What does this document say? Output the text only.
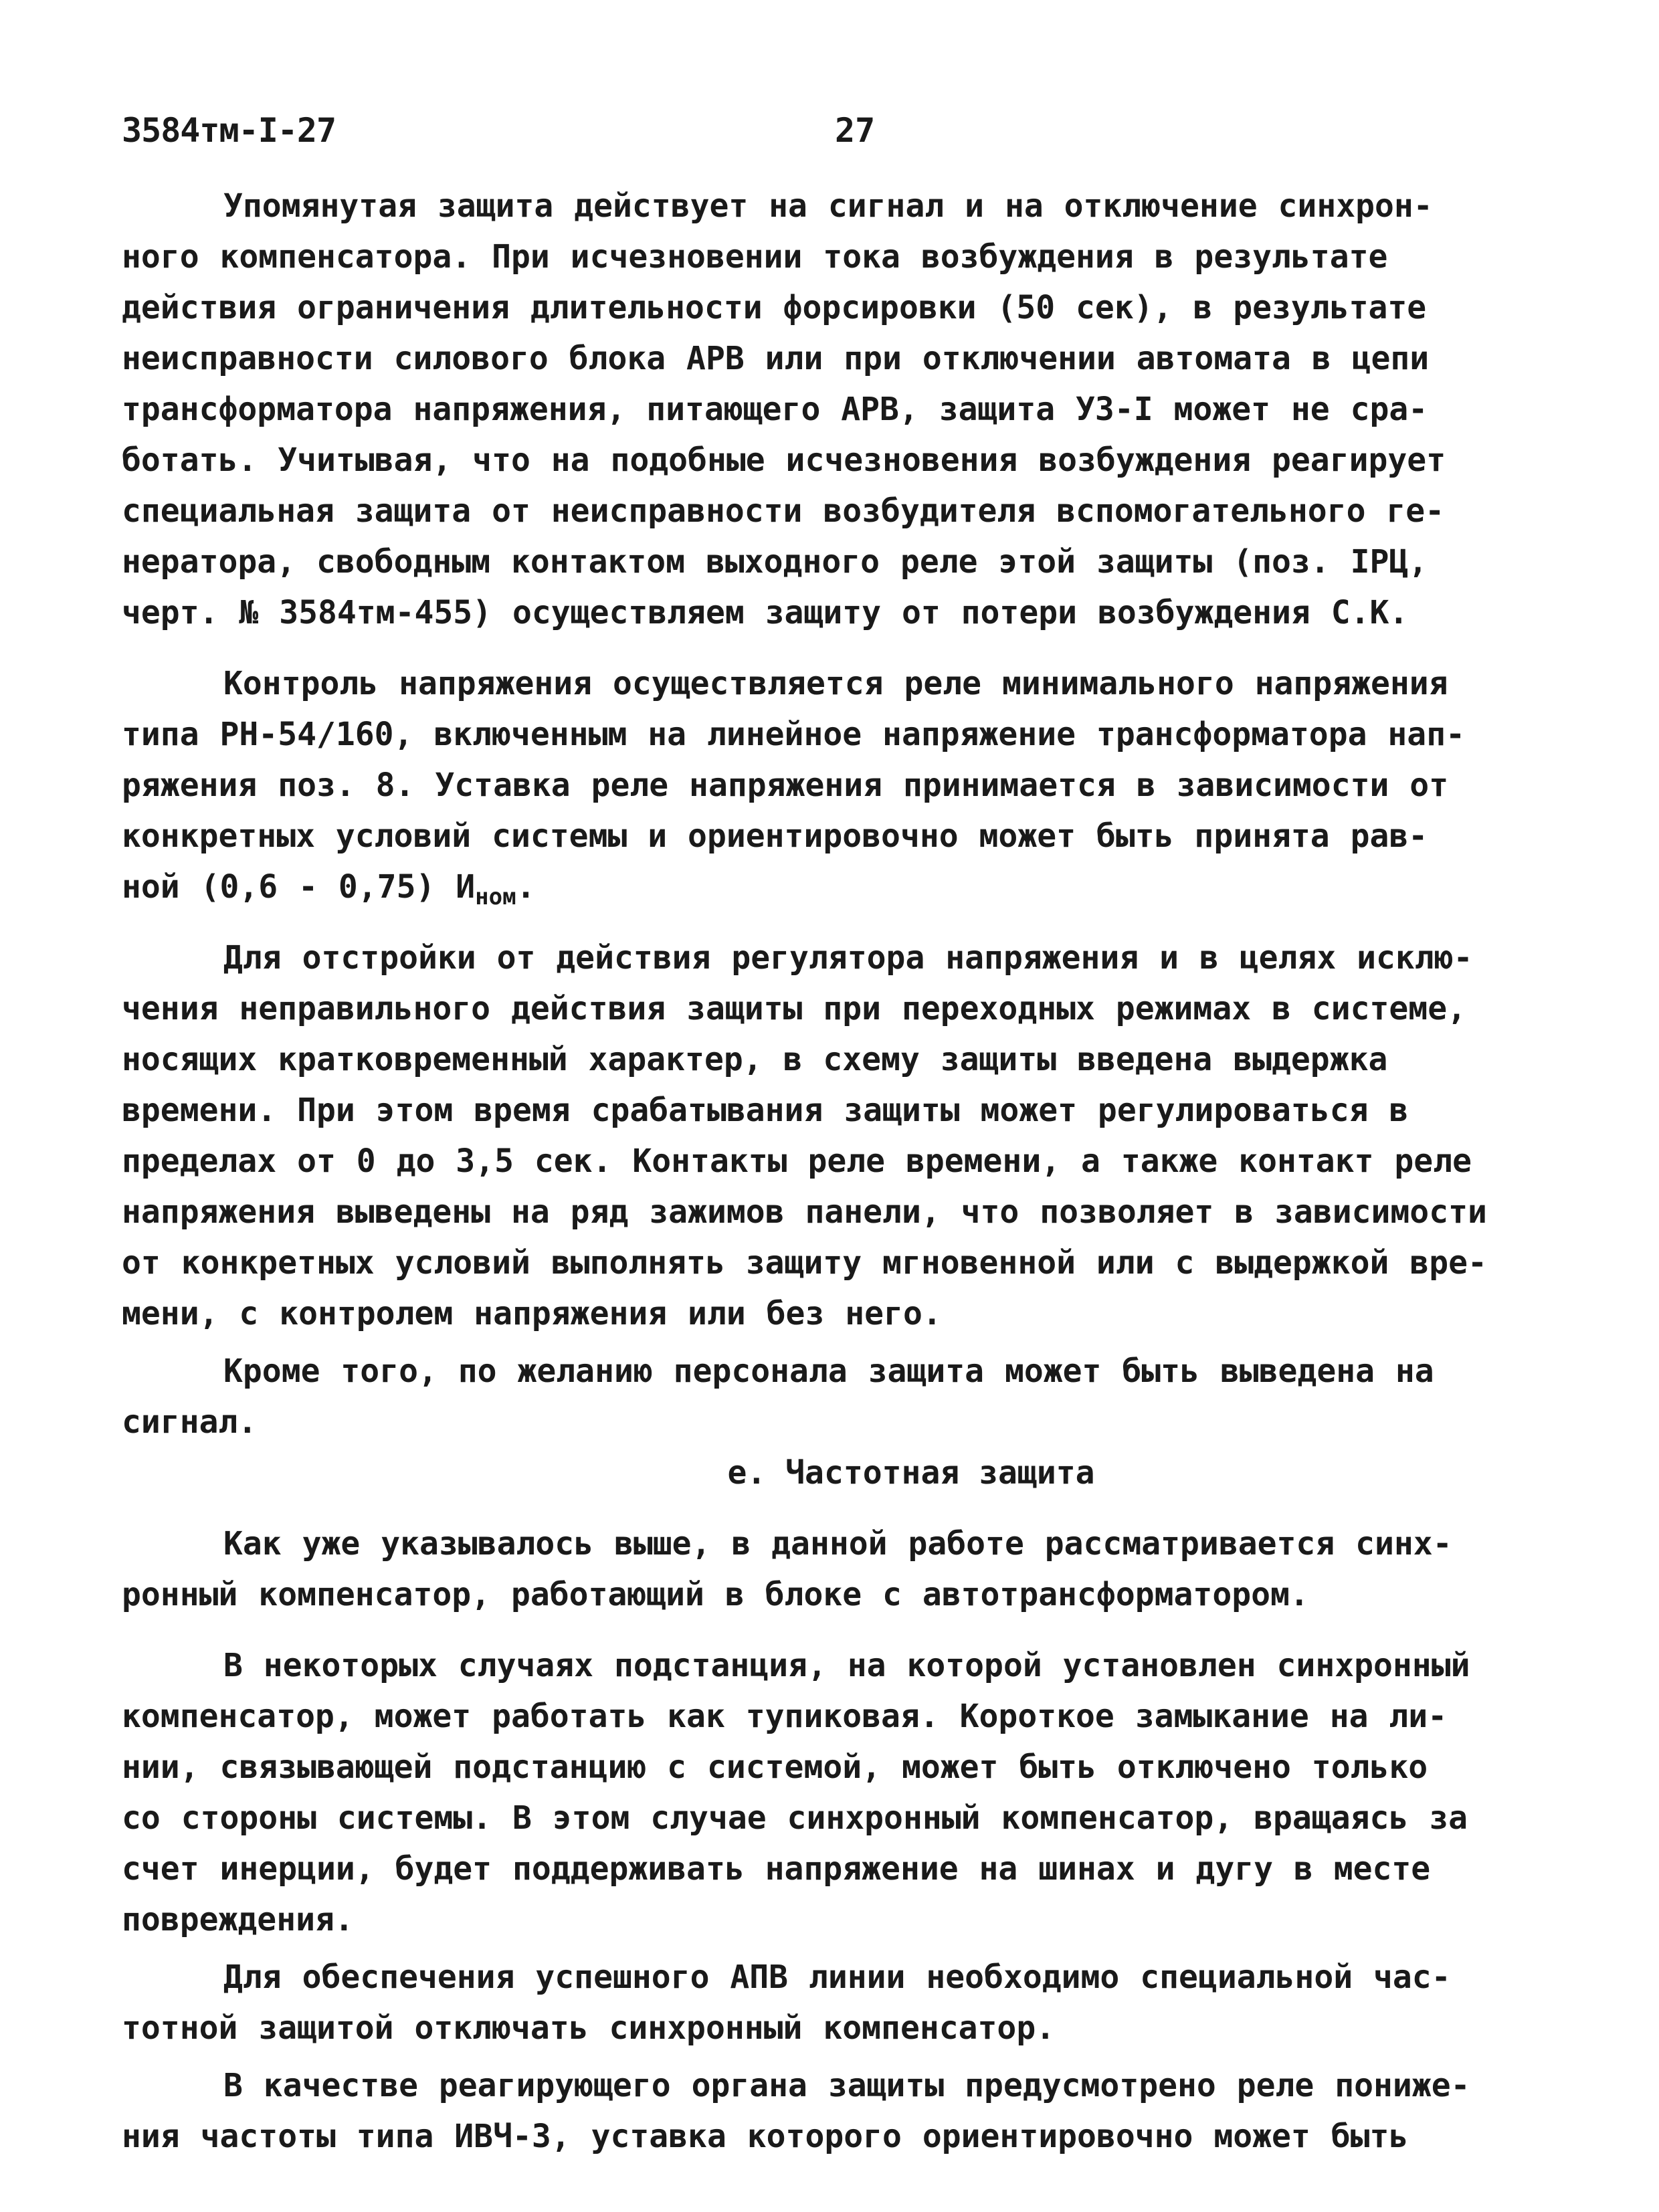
3584тм-I-27	27

Упомянутая защита действует на сигнал и на отключение синхрон-
ного компенсатора. При исчезновении тока возбуждения в результате
действия ограничения длительности форсировки (50 сек), в результате
неисправности силового блока АРВ или при отключении автомата в цепи
трансформатора напряжения, питающего АРВ, защита УЗ-I может не сра-
ботать. Учитывая, что на подобные исчезновения возбуждения реагирует
специальная защита от неисправности возбудителя вспомогательного ге-
нератора, свободным контактом выходного реле этой защиты (поз. IРЦ,
черт. № 3584тм-455) осуществляем защиту от потери возбуждения С.К.

Контроль напряжения осуществляется реле минимального напряжения
типа РН-54/160, включенным на линейное напряжение трансформатора нап-
ряжения поз. 8. Уставка реле напряжения принимается в зависимости от
конкретных условий системы и ориентировочно может быть принята рав-
ной (0,6 - 0,75) $И_{ном}$.

Для отстройки от действия регулятора напряжения и в целях исклю-
чения неправильного действия защиты при переходных режимах в системе,
носящих кратковременный характер, в схему защиты введена выдержка
времени. При этом время срабатывания защиты может регулироваться в
пределах от 0 до 3,5 сек. Контакты реле времени, а также контакт реле
напряжения выведены на ряд зажимов панели, что позволяет в зависимости
от конкретных условий выполнять защиту мгновенной или с выдержкой вре-
мени, с контролем напряжения или без него.

Кроме того, по желанию персонала защита может быть выведена на
сигнал.

е. Частотная защита

Как уже указывалось выше, в данной работе рассматривается синх-
ронный компенсатор, работающий в блоке с автотрансформатором.

В некоторых случаях подстанция, на которой установлен синхронный
компенсатор, может работать как тупиковая. Короткое замыкание на ли-
нии, связывающей подстанцию с системой, может быть отключено только
со стороны системы. В этом случае синхронный компенсатор, вращаясь за
счет инерции, будет поддерживать напряжение на шинах и дугу в месте
повреждения.

Для обеспечения успешного АПВ линии необходимо специальной час-
тотной защитой отключать синхронный компенсатор.

В качестве реагирующего органа защиты предусмотрено реле пониже-
ния частоты типа ИВЧ-3, уставка которого ориентировочно может быть
